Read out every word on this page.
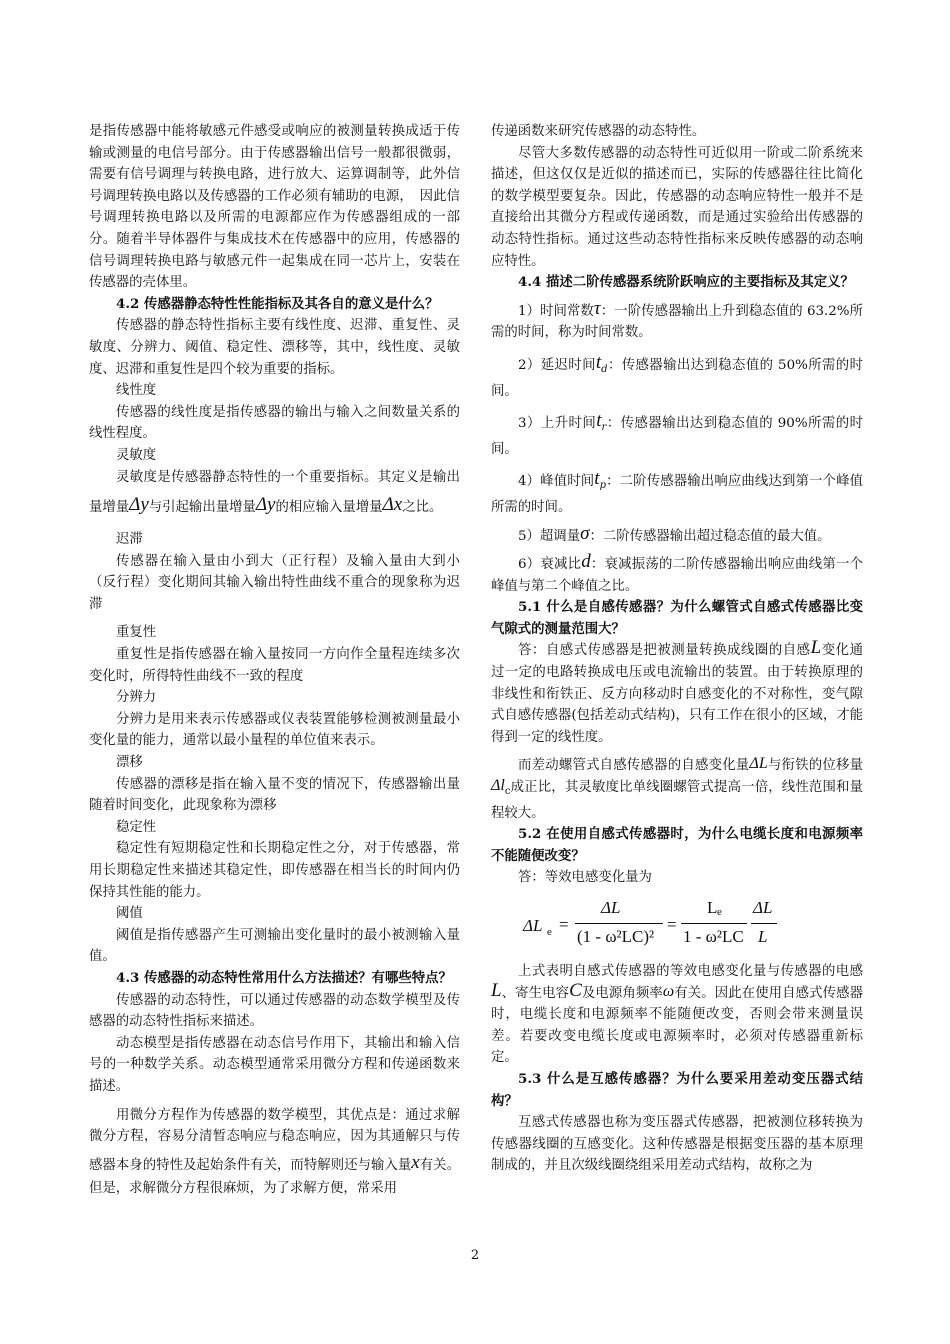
是指传感器中能将敏感元件感受或响应的被测量转换成适于传输或测量的电信号部分。由于传感器输出信号一般都很微弱，需要有信号调理与转换电路，进行放大、运算调制等，此外信号调理转换电路以及传感器的工作必须有辅助的电源，　因此信号调理转换电路以及所需的电源都应作为传感器组成的一部分。随着半导体器件与集成技术在传感器中的应用，传感器的信号调理转换电路与敏感元件一起集成在同一芯片上，安装在传感器的壳体里。

4.2 传感器静态特性性能指标及其各自的意义是什么？

传感器的静态特性指标主要有线性度、迟滞、重复性、灵敏度、分辨力、阈值、稳定性、漂移等，其中，线性度、灵敏度、迟滞和重复性是四个较为重要的指标。

线性度

传感器的线性度是指传感器的输出与输入之间数量关系的线性程度。

灵敏度

灵敏度是传感器静态特性的一个重要指标。其定义是输出量增量Δy与引起输出量增量Δy的相应输入量增量Δx之比。

迟滞

传感器在输入量由小到大（正行程）及输入量由大到小（反行程）变化期间其输入输出特性曲线不重合的现象称为迟滞

重复性

重复性是指传感器在输入量按同一方向作全量程连续多次变化时，所得特性曲线不一致的程度

分辨力

分辨力是用来表示传感器或仪表装置能够检测被测量最小变化量的能力，通常以最小量程的单位值来表示。

漂移

传感器的漂移是指在输入量不变的情况下，传感器输出量随着时间变化，此现象称为漂移

稳定性

稳定性有短期稳定性和长期稳定性之分，对于传感器，常用长期稳定性来描述其稳定性，即传感器在相当长的时间内仍保持其性能的能力。

阈值

阈值是指传感器产生可测输出变化量时的最小被测输入量值。

4.3 传感器的动态特性常用什么方法描述？有哪些特点？

传感器的动态特性，可以通过传感器的动态数学模型及传感器的动态特性指标来描述。

动态模型是指传感器在动态信号作用下，其输出和输入信号的一种数学关系。动态模型通常采用微分方程和传递函数来描述。

用微分方程作为传感器的数学模型，其优点是：通过求解微分方程，容易分清暂态响应与稳态响应，因为其通解只与传感器本身的特性及起始条件有关，而特解则还与输入量x有关。但是，求解微分方程很麻烦，为了求解方便，常采用

传递函数来研究传感器的动态特性。

尽管大多数传感器的动态特性可近似用一阶或二阶系统来描述，但这仅仅是近似的描述而已，实际的传感器往往比简化的数学模型要复杂。因此，传感器的动态响应特性一般并不是直接给出其微分方程或传递函数，而是通过实验给出传感器的动态特性指标。通过这些动态特性指标来反映传感器的动态响应特性。

4.4 描述二阶传感器系统阶跃响应的主要指标及其定义？

1）时间常数τ：一阶传感器输出上升到稳态值的 63.2%所需的时间，称为时间常数。

2）延迟时间$t_d$：传感器输出达到稳态值的 50%所需的时间。

3）上升时间$t_r$：传感器输出达到稳态值的 90%所需的时间。

4）峰值时间$t_p$：二阶传感器输出响应曲线达到第一个峰值所需的时间。

5）超调量σ：二阶传感器输出超过稳态值的最大值。

6）衰减比d：衰减振荡的二阶传感器输出响应曲线第一个峰值与第二个峰值之比。

5.1 什么是自感传感器？为什么螺管式自感式传感器比变气隙式的测量范围大？

答：自感式传感器是把被测量转换成线圈的自感L变化通过一定的电路转换成电压或电流输出的装置。由于转换原理的非线性和衔铁正、反方向移动时自感变化的不对称性，变气隙式自感传感器(包括差动式结构)，只有工作在很小的区域，才能得到一定的线性度。

而差动螺管式自感传感器的自感变化量ΔL与衔铁的位移量$\Delta l_c$成正比，其灵敏度比单线圈螺管式提高一倍，线性范围和量程较大。

5.2 在使用自感式传感器时，为什么电缆长度和电源频率不能随便改变？

答：等效电感变化量为

ΔL e =
ΔL
(1 - ω²LC)²
=
L e
1 - ω²LC
ΔL
L

上式表明自感式传感器的等效电感变化量与传感器的电感L、寄生电容C及电源角频率ω有关。因此在使用自感式传感器时，电缆长度和电源频率不能随便改变，否则会带来测量误差。若要改变电缆长度或电源频率时，必须对传感器重新标定。

5.3 什么是互感传感器？为什么要采用差动变压器式结构？

互感式传感器也称为变压器式传感器，把被测位移转换为传感器线圈的互感变化。这种传感器是根据变压器的基本原理制成的，并且次级线圈绕组采用差动式结构，故称之为

2
